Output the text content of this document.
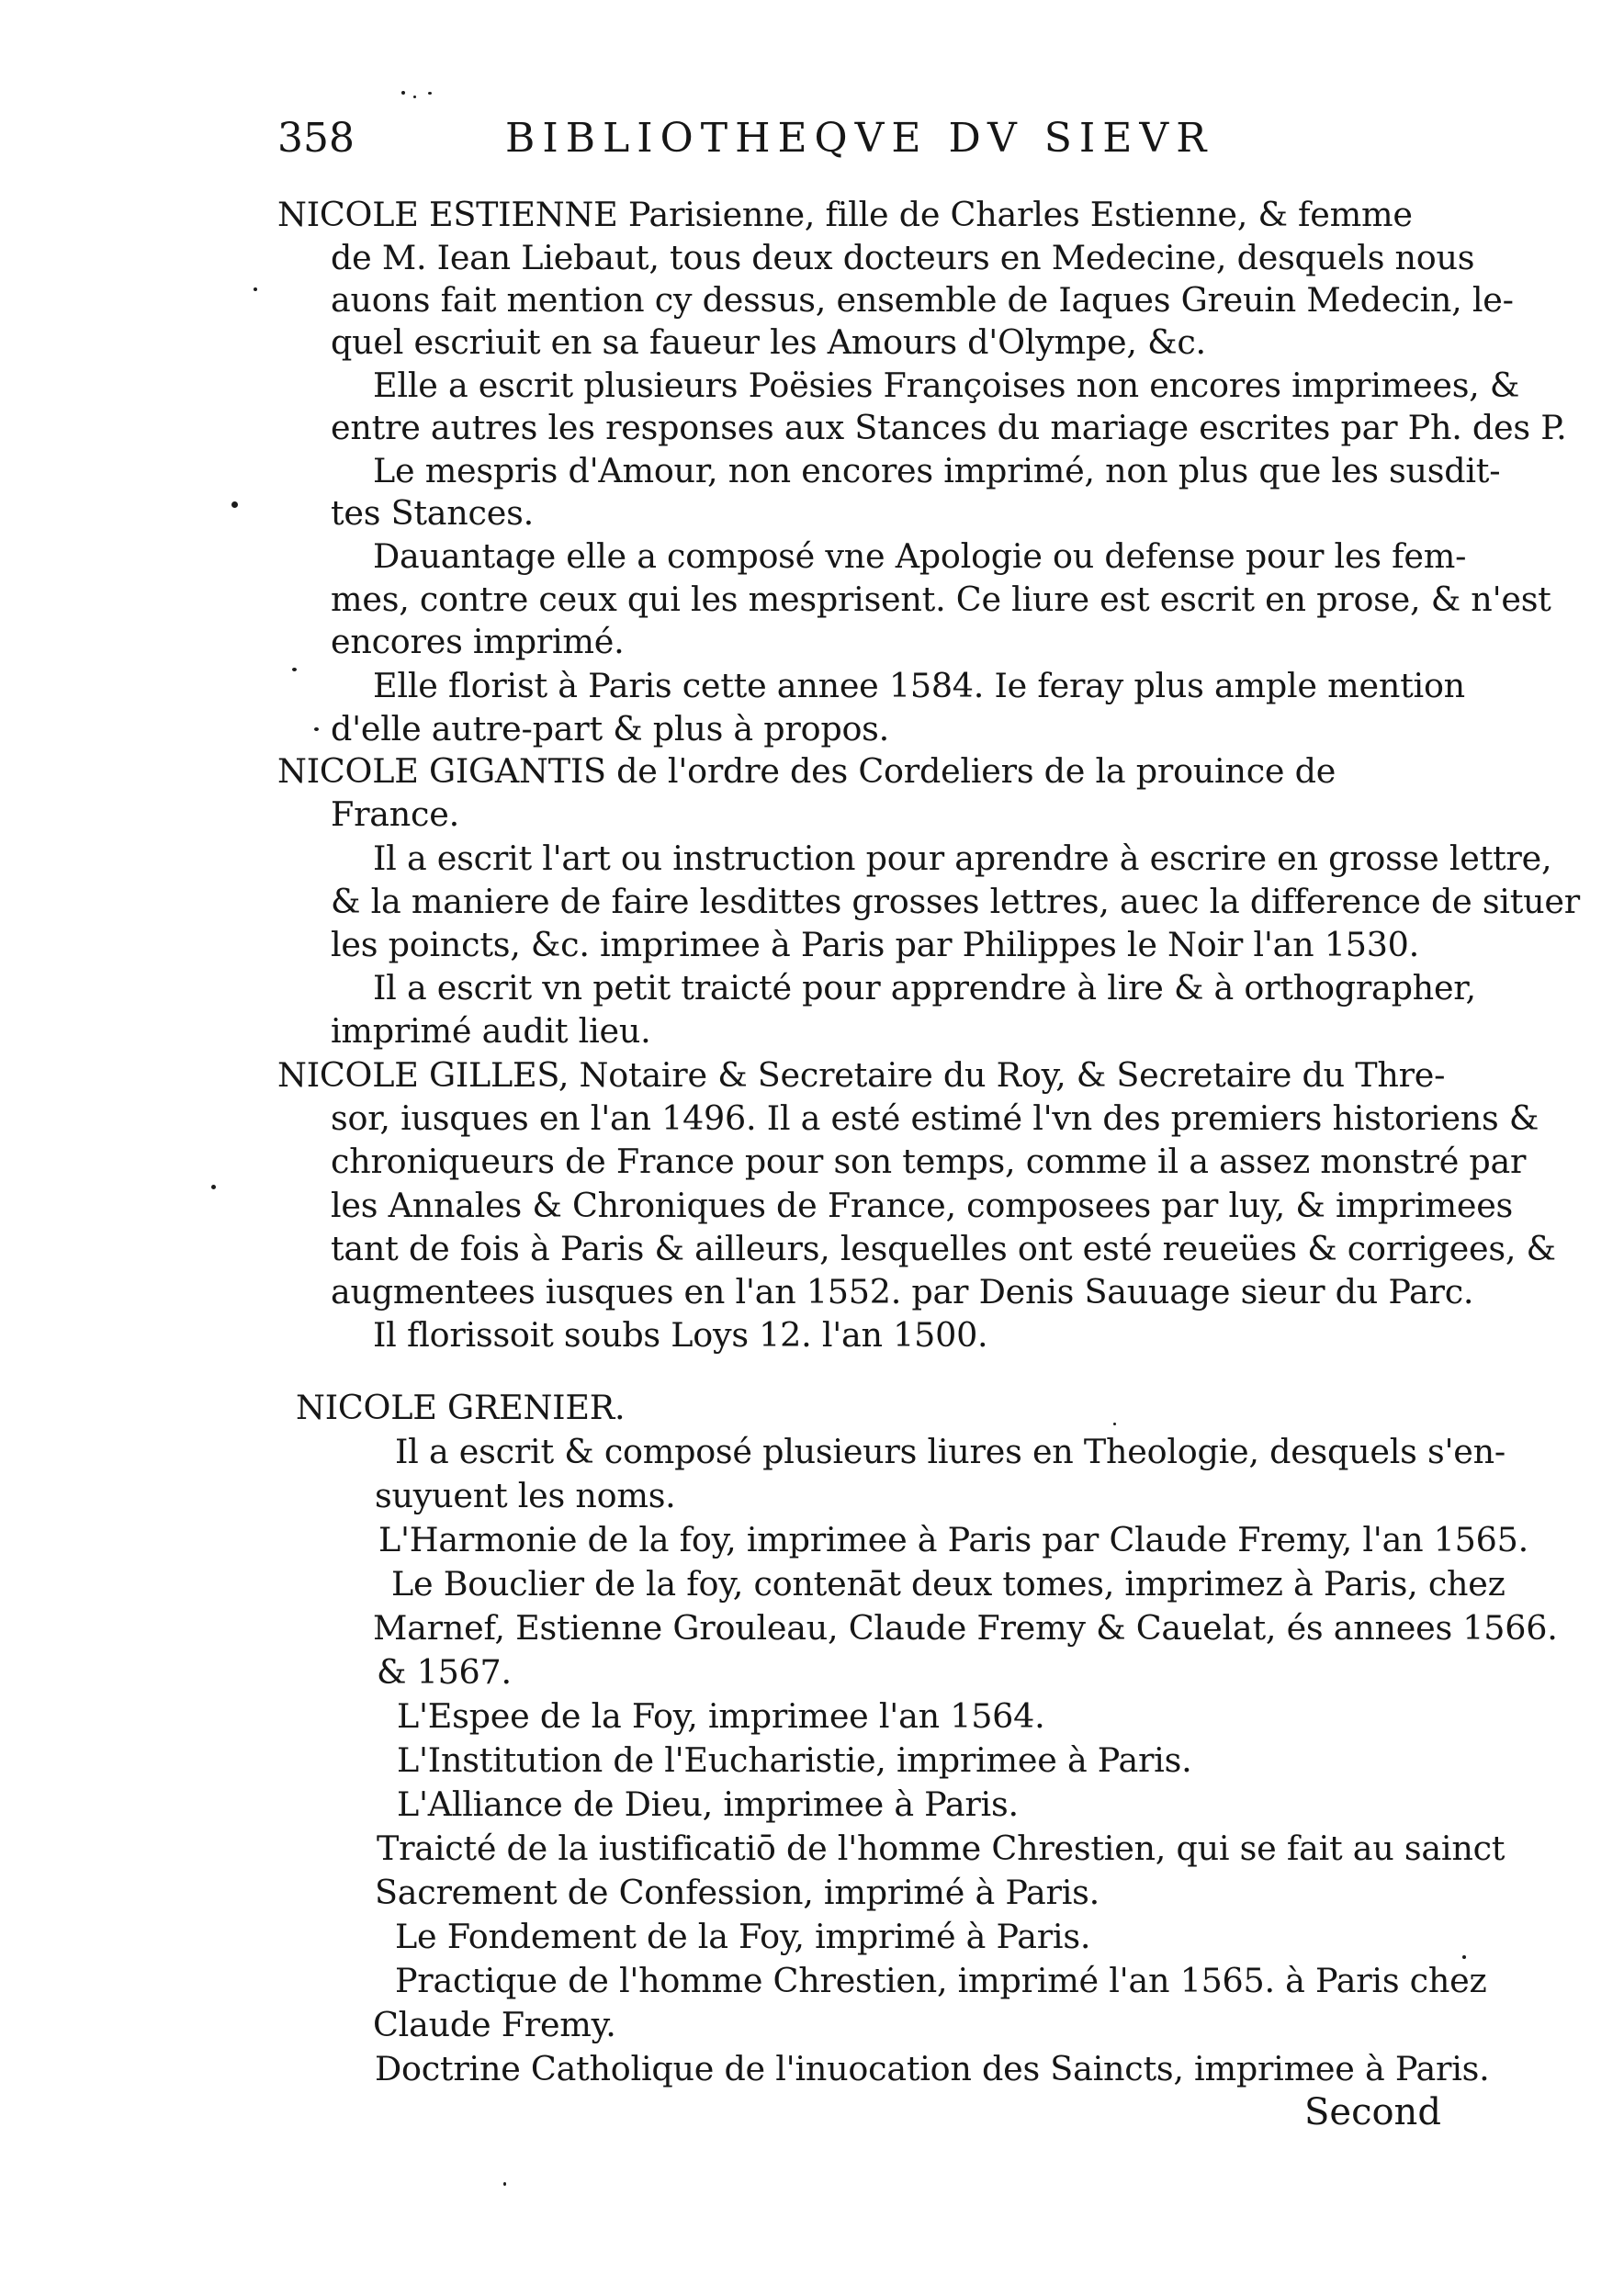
358	BIBLIOTHEQVE DV SIEVR
NICOLE ESTIENNE Parisienne, fille de Charles Estienne, & femme
de M. Iean Liebaut, tous deux docteurs en Medecine, desquels nous
auons fait mention cy dessus, ensemble de Iaques Greuin Medecin, le-
quel escriuit en sa faueur les Amours d'Olympe, &c.
Elle a escrit plusieurs Poësies Françoises non encores imprimees, &
entre autres les responses aux Stances du mariage escrites par Ph. des P.
Le mespris d'Amour, non encores imprimé, non plus que les susdit-
tes Stances.
Dauantage elle a composé vne Apologie ou defense pour les fem-
mes, contre ceux qui les mesprisent. Ce liure est escrit en prose, & n'est
encores imprimé.
Elle florist à Paris cette annee 1584. Ie feray plus ample mention
d'elle autre-part & plus à propos.
NICOLE GIGANTIS de l'ordre des Cordeliers de la prouince de
France.
Il a escrit l'art ou instruction pour aprendre à escrire en grosse lettre,
& la maniere de faire lesdittes grosses lettres, auec la difference de situer
les poincts, &c. imprimee à Paris par Philippes le Noir l'an 1530.
Il a escrit vn petit traicté pour apprendre à lire & à orthographer,
imprimé audit lieu.
NICOLE GILLES, Notaire & Secretaire du Roy, & Secretaire du Thre-
sor, iusques en l'an 1496. Il a esté estimé l'vn des premiers historiens &
chroniqueurs de France pour son temps, comme il a assez monstré par
les Annales & Chroniques de France, composees par luy, & imprimees
tant de fois à Paris & ailleurs, lesquelles ont esté reueües & corrigees, &
augmentees iusques en l'an 1552. par Denis Sauuage sieur du Parc.
Il florissoit soubs Loys 12. l'an 1500.
NICOLE GRENIER.
Il a escrit & composé plusieurs liures en Theologie, desquels s'en-
suyuent les noms.
L'Harmonie de la foy, imprimee à Paris par Claude Fremy, l'an 1565.
Le Bouclier de la foy, contenāt deux tomes, imprimez à Paris, chez
Marnef, Estienne Grouleau, Claude Fremy & Cauelat, és annees 1566.
& 1567.
L'Espee de la Foy, imprimee l'an 1564.
L'Institution de l'Eucharistie, imprimee à Paris.
L'Alliance de Dieu, imprimee à Paris.
Traicté de la iustificatiō de l'homme Chrestien, qui se fait au sainct
Sacrement de Confession, imprimé à Paris.
Le Fondement de la Foy, imprimé à Paris.
Practique de l'homme Chrestien, imprimé l'an 1565. à Paris chez
Claude Fremy.
Doctrine Catholique de l'inuocation des Saincts, imprimee à Paris.
Second
